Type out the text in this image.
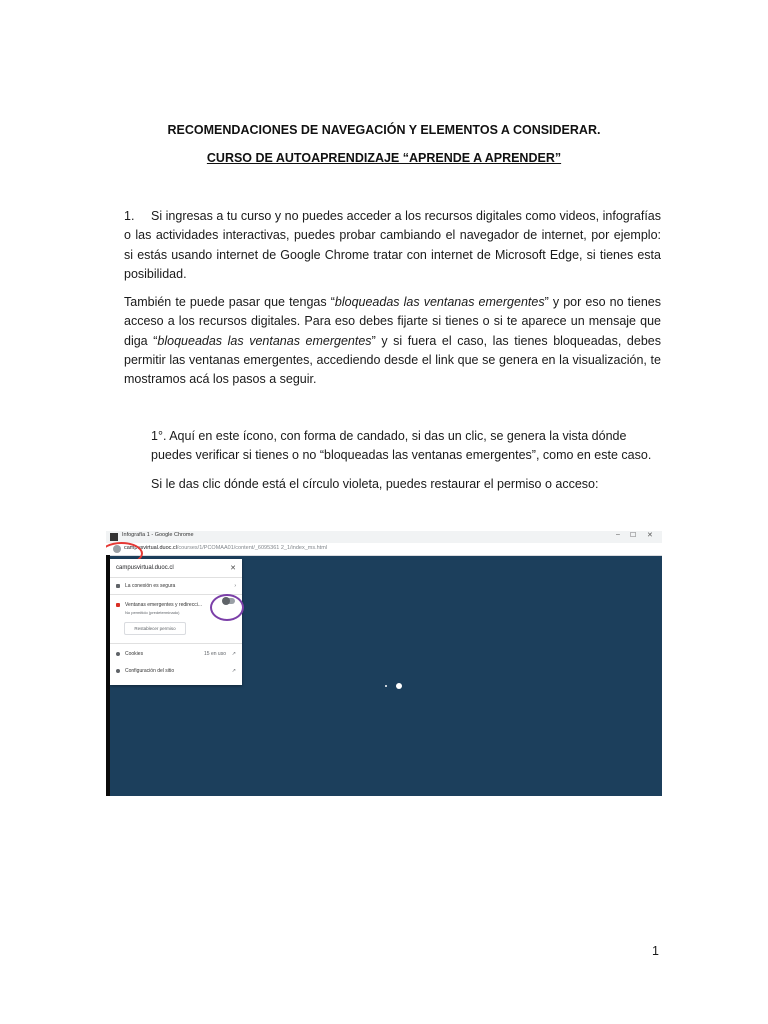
RECOMENDACIONES DE NAVEGACIÓN Y ELEMENTOS A CONSIDERAR.
CURSO DE AUTOAPRENDIZAJE “APRENDE A APRENDER”
1. Si ingresas a tu curso y no puedes acceder a los recursos digitales como videos, infografías o las actividades interactivas, puedes probar cambiando el navegador de internet, por ejemplo: si estás usando internet de Google Chrome tratar con internet de Microsoft Edge, si tienes esta posibilidad.
También te puede pasar que tengas “bloqueadas las ventanas emergentes” y por eso no tienes acceso a los recursos digitales. Para eso debes fijarte si tienes o si te aparece un mensaje que diga “bloqueadas las ventanas emergentes” y si fuera el caso, las tienes bloqueadas, debes permitir las ventanas emergentes, accediendo desde el link que se genera en la visualización, te mostramos acá los pasos a seguir.
1°. Aquí en este ícono, con forma de candado, si das un clic, se genera la vista dónde puedes verificar si tienes o no “bloqueadas las ventanas emergentes”, como en este caso.
Si le das clic dónde está el círculo violeta, puedes restaurar el permiso o acceso:
Infografía 1 - Google Chrome	– ☐ ✕
campusvirtual.duoc.cl/courses/1/PCOMAA01/content/_6095361 2_1/index_ms.html
campusvirtual.duoc.cl	✕
La conexión es segura	›
Ventanas emergentes y redirecci...
No permitido (predeterminado)
Restablecer permiso
Cookies	15 en uso ↗
Configuración del sitio	↗
1
